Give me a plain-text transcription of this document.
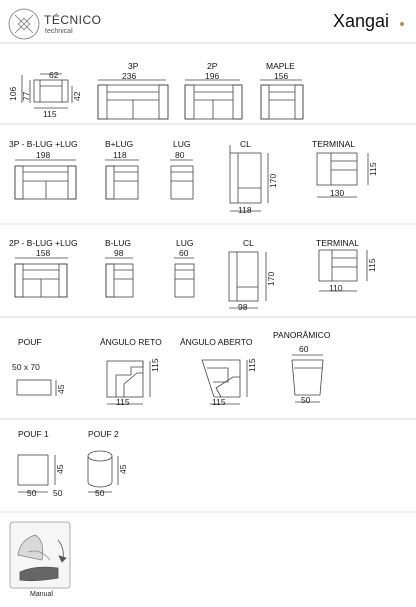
TÉCNICO
technical
Xangai
62
106 77	42
115
3P
236
2P
196
MAPLE
156
3P - B-LUG +LUG
198
B+LUG
118
LUG
80
CL
170
118
TERMINAL
115
130
2P - B-LUG +LUG
158
B-LUG
98
LUG
60
CL
170
98
TERMINAL
115
110
POUF
50 x 70
45
ÂNGULO RETO
115
115
ÂNGULO ABERTO
115
115
PANORÂMICO
60
50
POUF 1
45
50 50
POUF 2
45
50
Manual
